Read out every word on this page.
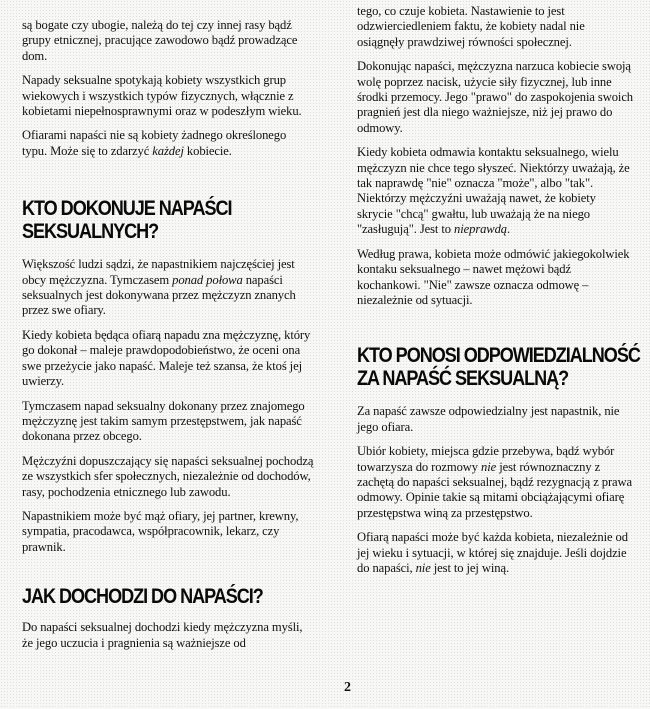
są bogate czy ubogie, należą do tej czy innej rasy bądź grupy etnicznej, pracujące zawodowo bądź prowadzące dom.

Napady seksualne spotykają kobiety wszystkich grup wiekowych i wszystkich typów fizycznych, włącznie z kobietami niepełnosprawnymi oraz w podeszłym wieku.

Ofiarami napaści nie są kobiety żadnego określonego typu. Może się to zdarzyć każdej kobiecie.

KTO DOKONUJE NAPAŚCI
SEKSUALNYCH?

Większość ludzi sądzi, że napastnikiem najczęściej jest obcy mężczyzna. Tymczasem ponad połowa napaści seksualnych jest dokonywana przez mężczyzn znanych przez swe ofiary.

Kiedy kobieta będąca ofiarą napadu zna mężczyznę, który go dokonał – maleje prawdopodobieństwo, że oceni ona swe przeżycie jako napaść. Maleje też szansa, że ktoś jej uwierzy.

Tymczasem napad seksualny dokonany przez znajomego mężczyznę jest takim samym przestępstwem, jak napaść dokonana przez obcego.

Mężczyźni dopuszczający się napaści seksualnej pochodzą ze wszystkich sfer społecznych, niezależnie od dochodów, rasy, pochodzenia etnicznego lub zawodu.

Napastnikiem może być mąż ofiary, jej partner, krewny, sympatia, pracodawca, współpracownik, lekarz, czy prawnik.

JAK DOCHODZI DO NAPAŚCI?

Do napaści seksualnej dochodzi kiedy mężczyzna myśli, że jego uczucia i pragnienia są ważniejsze od

tego, co czuje kobieta. Nastawienie to jest odzwierciedleniem faktu, że kobiety nadal nie osiągnęły prawdziwej równości społecznej.

Dokonując napaści, mężczyzna narzuca kobiecie swoją wolę poprzez nacisk, użycie siły fizycznej, lub inne środki przemocy. Jego "prawo" do zaspokojenia swoich pragnień jest dla niego ważniejsze, niż jej prawo do odmowy.

Kiedy kobieta odmawia kontaktu seksualnego, wielu mężczyzn nie chce tego słyszeć. Niektórzy uważają, że tak naprawdę "nie" oznacza "może", albo "tak". Niektórzy mężczyźni uważają nawet, że kobiety skrycie "chcą" gwałtu, lub uważają że na niego "zasługują". Jest to nieprawdą.

Według prawa, kobieta może odmówić jakiegokolwiek kontaku seksualnego – nawet mężowi bądź kochankowi. "Nie" zawsze oznacza odmowę – niezależnie od sytuacji.

KTO PONOSI ODPOWIEDZIALNOŚĆ
ZA NAPAŚĆ SEKSUALNĄ?

Za napaść zawsze odpowiedzialny jest napastnik, nie jego ofiara.

Ubiór kobiety, miejsca gdzie przebywa, bądź wybór towarzysza do rozmowy nie jest równoznaczny z zachętą do napaści seksualnej, bądź rezygnacją z prawa odmowy. Opinie takie są mitami obciążającymi ofiarę przestępstwa winą za przestępstwo.

Ofiarą napaści może być każda kobieta, niezależnie od jej wieku i sytuacji, w której się znajduje. Jeśli dojdzie do napaści, nie jest to jej winą.

2
